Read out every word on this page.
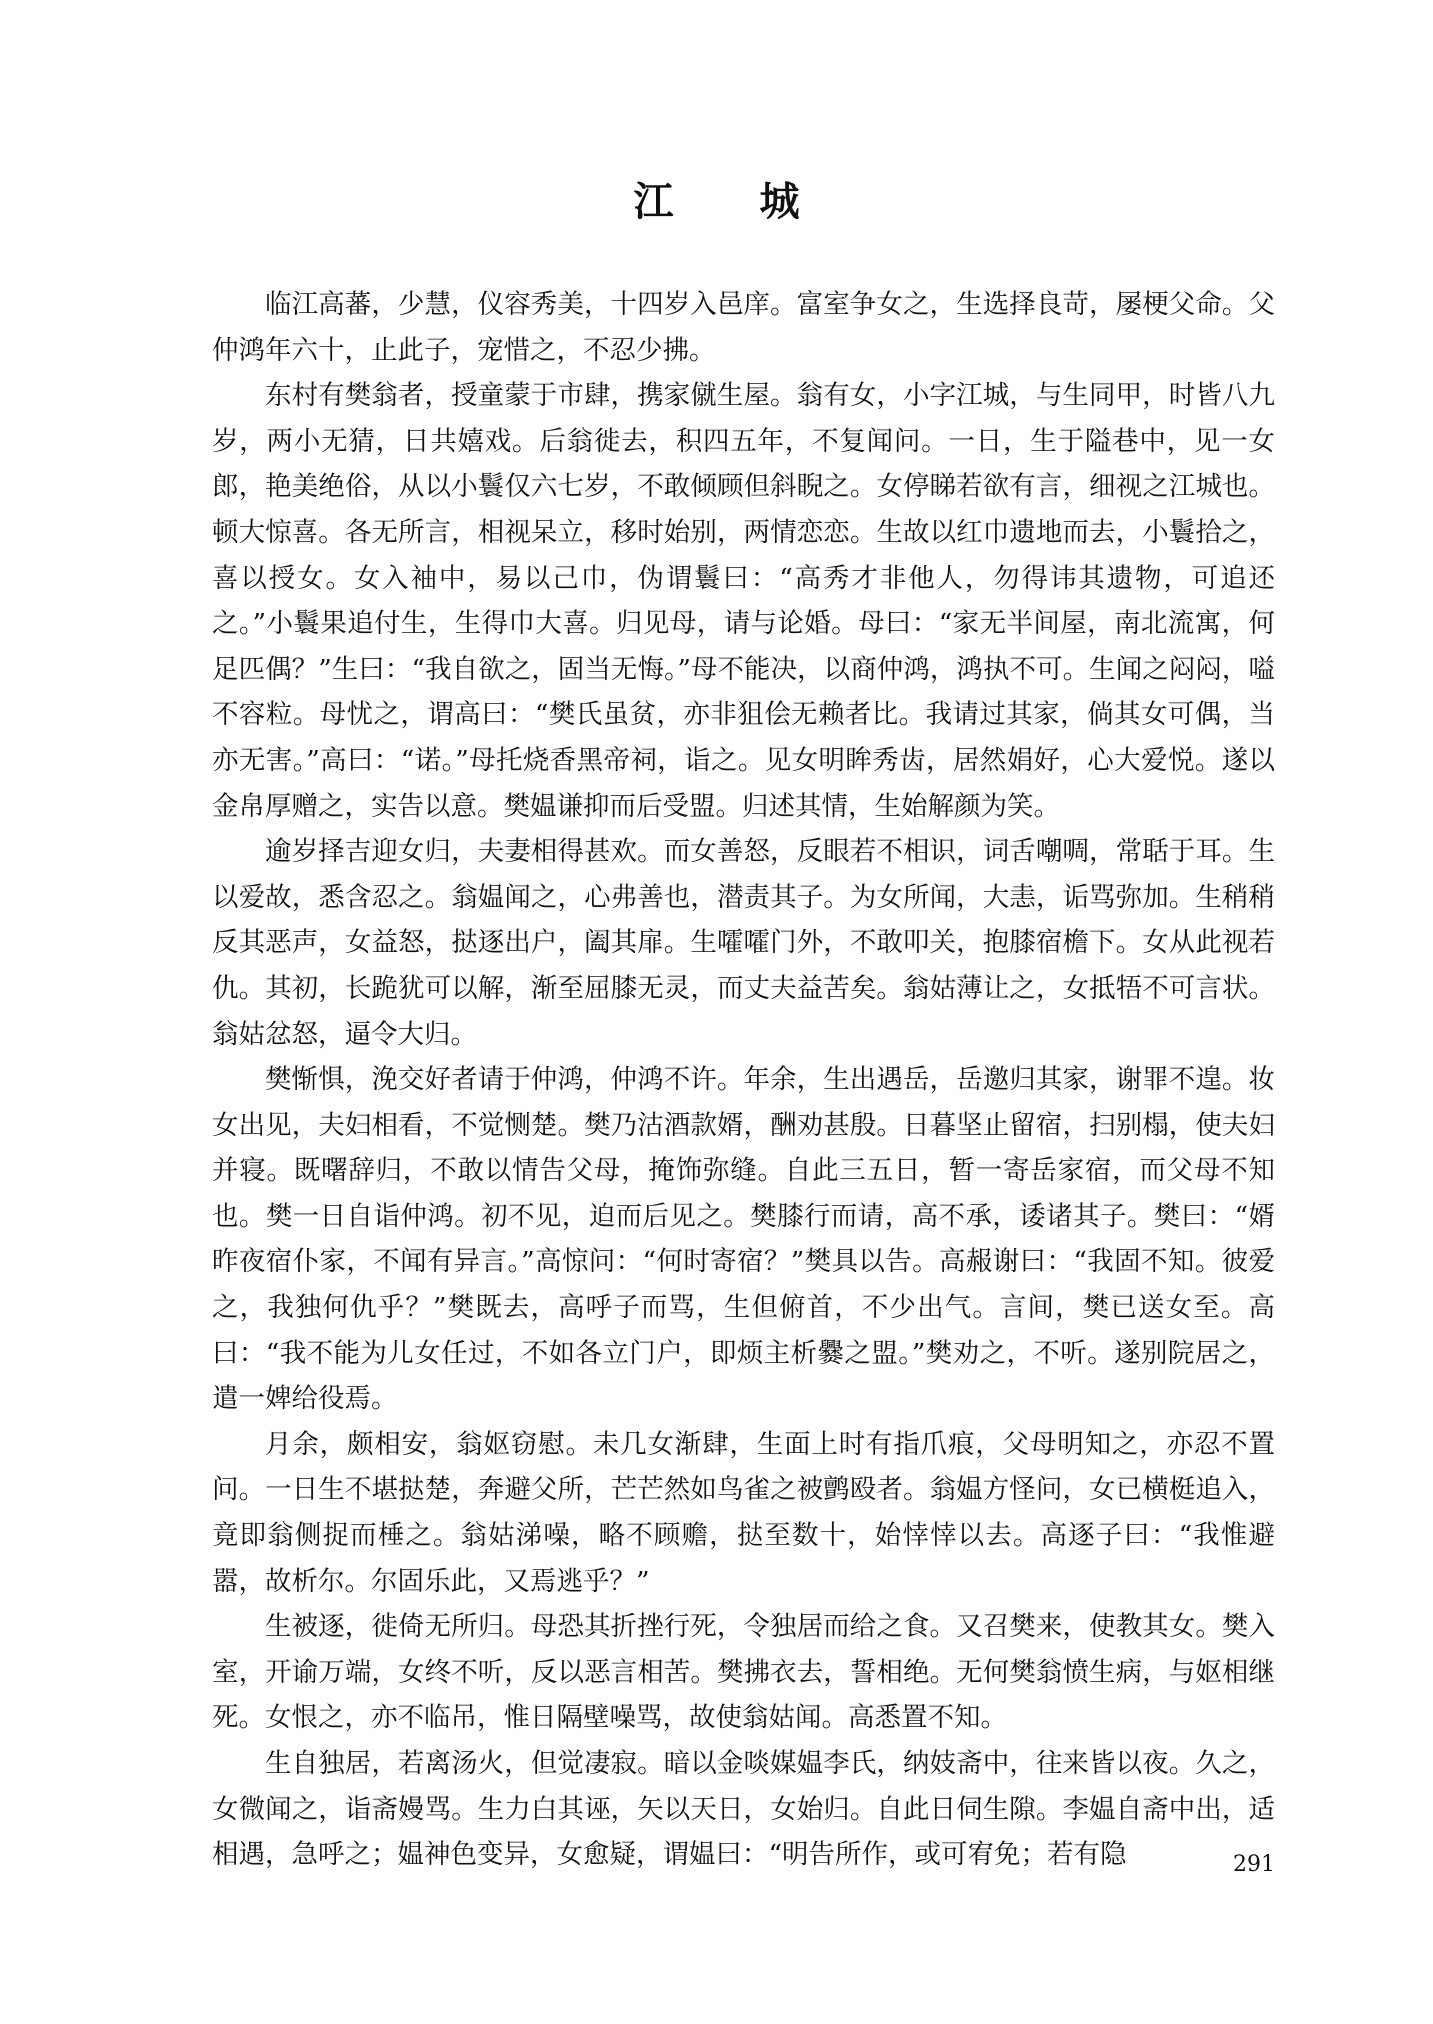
江 城

临江高蕃，少慧，仪容秀美，十四岁入邑庠。富室争女之，生选择良苛，屡梗父命。父仲鸿年六十，止此子，宠惜之，不忍少拂。

东村有樊翁者，授童蒙于市肆，携家僦生屋。翁有女，小字江城，与生同甲，时皆八九岁，两小无猜，日共嬉戏。后翁徙去，积四五年，不复闻问。一日，生于隘巷中，见一女郎，艳美绝俗，从以小鬟仅六七岁，不敢倾顾但斜睨之。女停睇若欲有言，细视之江城也。顿大惊喜。各无所言，相视呆立，移时始别，两情恋恋。生故以红巾遗地而去，小鬟拾之，喜以授女。女入袖中，易以己巾，伪谓鬟曰：“高秀才非他人，勿得讳其遗物，可追还之。”小鬟果追付生，生得巾大喜。归见母，请与论婚。母曰：“家无半间屋，南北流寓，何足匹偶？”生曰：“我自欲之，固当无悔。”母不能决，以商仲鸿，鸿执不可。生闻之闷闷，嗌不容粒。母忧之，谓高曰：“樊氏虽贫，亦非狙侩无赖者比。我请过其家，倘其女可偶，当亦无害。”高曰：“诺。”母托烧香黑帝祠，诣之。见女明眸秀齿，居然娟好，心大爱悦。遂以金帛厚赠之，实告以意。樊媪谦抑而后受盟。归述其情，生始解颜为笑。

逾岁择吉迎女归，夫妻相得甚欢。而女善怒，反眼若不相识，词舌嘲啁，常聒于耳。生以爱故，悉含忍之。翁媪闻之，心弗善也，潜责其子。为女所闻，大恚，诟骂弥加。生稍稍反其恶声，女益怒，挞逐出户，阖其扉。生嚯嚯门外，不敢叩关，抱膝宿檐下。女从此视若仇。其初，长跪犹可以解，渐至屈膝无灵，而丈夫益苦矣。翁姑薄让之，女抵牾不可言状。翁姑忿怒，逼令大归。

樊惭惧，浼交好者请于仲鸿，仲鸿不许。年余，生出遇岳，岳邀归其家，谢罪不遑。妆女出见，夫妇相看，不觉恻楚。樊乃沽酒款婿，酬劝甚殷。日暮坚止留宿，扫别榻，使夫妇并寝。既曙辞归，不敢以情告父母，掩饰弥缝。自此三五日，暂一寄岳家宿，而父母不知也。樊一日自诣仲鸿。初不见，迫而后见之。樊膝行而请，高不承，诿诸其子。樊曰：“婿昨夜宿仆家，不闻有异言。”高惊问：“何时寄宿？”樊具以告。高赧谢曰：“我固不知。彼爱之，我独何仇乎？”樊既去，高呼子而骂，生但俯首，不少出气。言间，樊已送女至。高曰：“我不能为儿女任过，不如各立门户，即烦主析爨之盟。”樊劝之，不听。遂别院居之，遣一婢给役焉。

月余，颇相安，翁妪窃慰。未几女渐肆，生面上时有指爪痕，父母明知之，亦忍不置问。一日生不堪挞楚，奔避父所，芒芒然如鸟雀之被鹯殴者。翁媪方怪问，女已横梃追入，竟即翁侧捉而棰之。翁姑涕噪，略不顾赡，挞至数十，始悻悻以去。高逐子曰：“我惟避嚣，故析尔。尔固乐此，又焉逃乎？”

生被逐，徙倚无所归。母恐其折挫行死，令独居而给之食。又召樊来，使教其女。樊入室，开谕万端，女终不听，反以恶言相苦。樊拂衣去，誓相绝。无何樊翁愤生病，与妪相继死。女恨之，亦不临吊，惟日隔壁噪骂，故使翁姑闻。高悉置不知。

生自独居，若离汤火，但觉凄寂。暗以金啖媒媪李氏，纳妓斋中，往来皆以夜。久之，女微闻之，诣斋嫚骂。生力白其诬，矢以天日，女始归。自此日伺生隙。李媪自斋中出，适相遇，急呼之；媪神色变异，女愈疑，谓媪曰：“明告所作，或可宥免；若有隐	291
